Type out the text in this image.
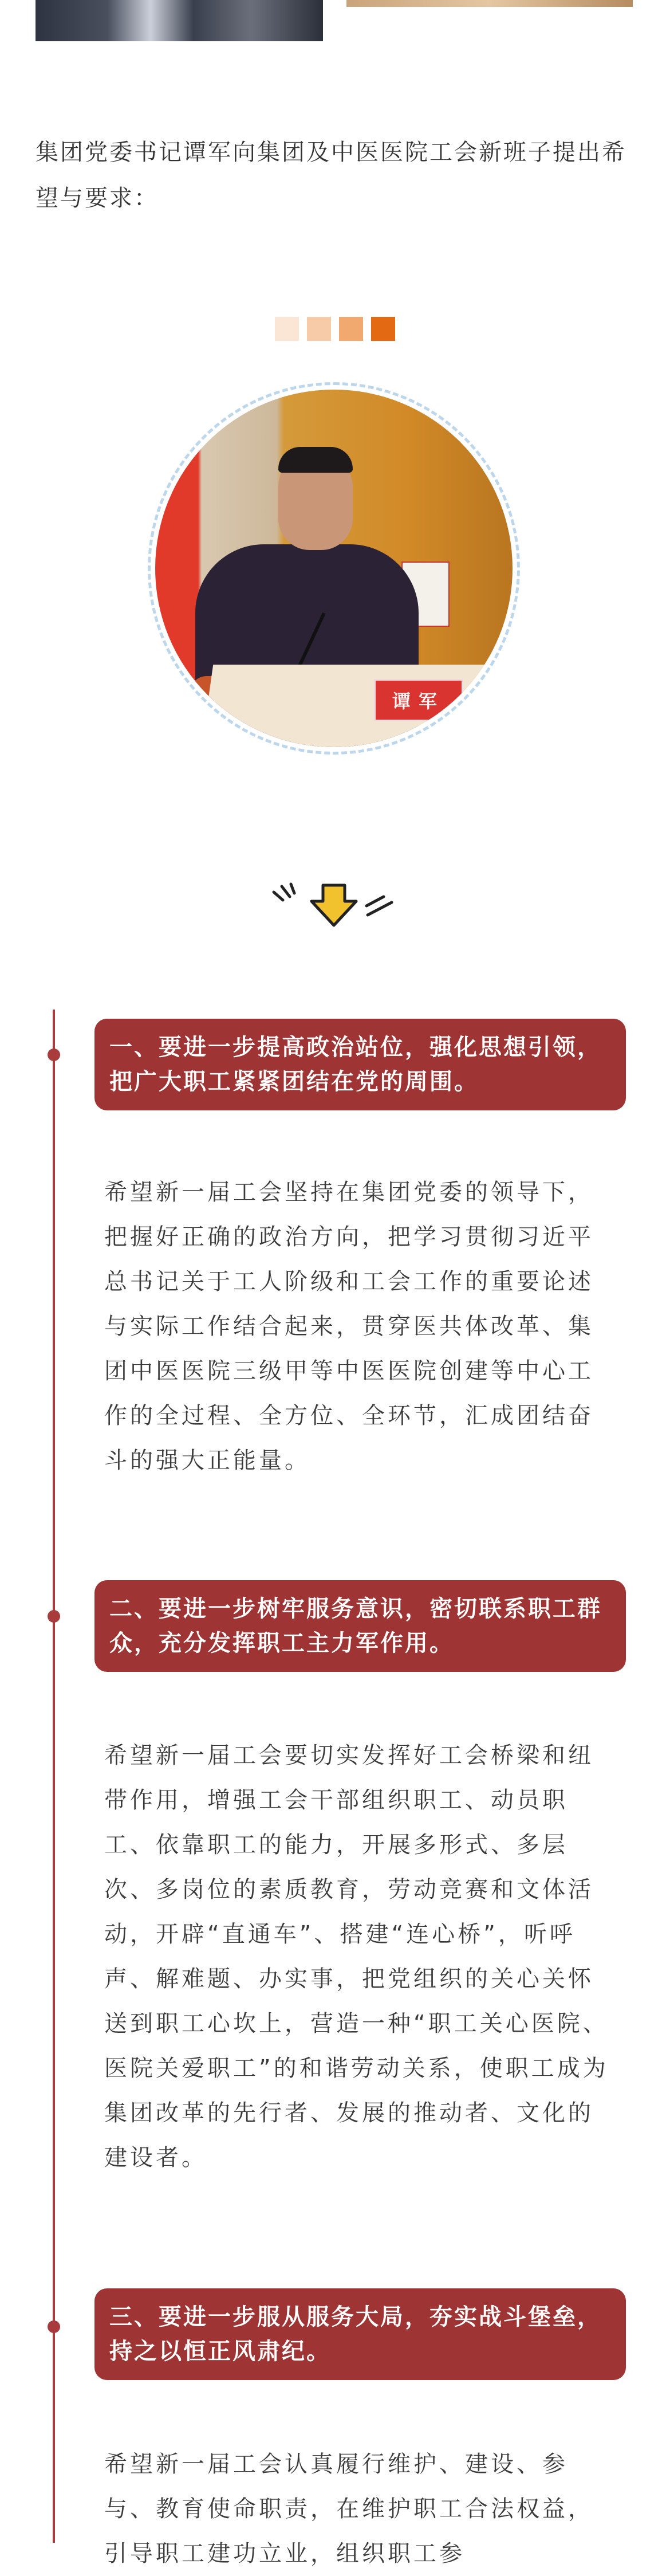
集团党委书记谭军向集团及中医医院工会新班子提出希望与要求：

谭军
一、要进一步提高政治站位，强化思想引领，把广大职工紧紧团结在党的周围。

希望新一届工会坚持在集团党委的领导下，把握好正确的政治方向，把学习贯彻习近平总书记关于工人阶级和工会工作的重要论述与实际工作结合起来，贯穿医共体改革、集团中医医院三级甲等中医医院创建等中心工作的全过程、全方位、全环节，汇成团结奋斗的强大正能量。

二、要进一步树牢服务意识，密切联系职工群众，充分发挥职工主力军作用。

希望新一届工会要切实发挥好工会桥梁和纽带作用，增强工会干部组织职工、动员职工、依靠职工的能力，开展多形式、多层次、多岗位的素质教育，劳动竞赛和文体活动，开辟“直通车”、搭建“连心桥”，听呼声、解难题、办实事，把党组织的关心关怀送到职工心坎上，营造一种“职工关心医院、医院关爱职工”的和谐劳动关系，使职工成为集团改革的先行者、发展的推动者、文化的建设者。

三、要进一步服从服务大局，夯实战斗堡垒，持之以恒正风肃纪。

希望新一届工会认真履行维护、建设、参与、教育使命职责，在维护职工合法权益，引导职工建功立业，组织职工参
